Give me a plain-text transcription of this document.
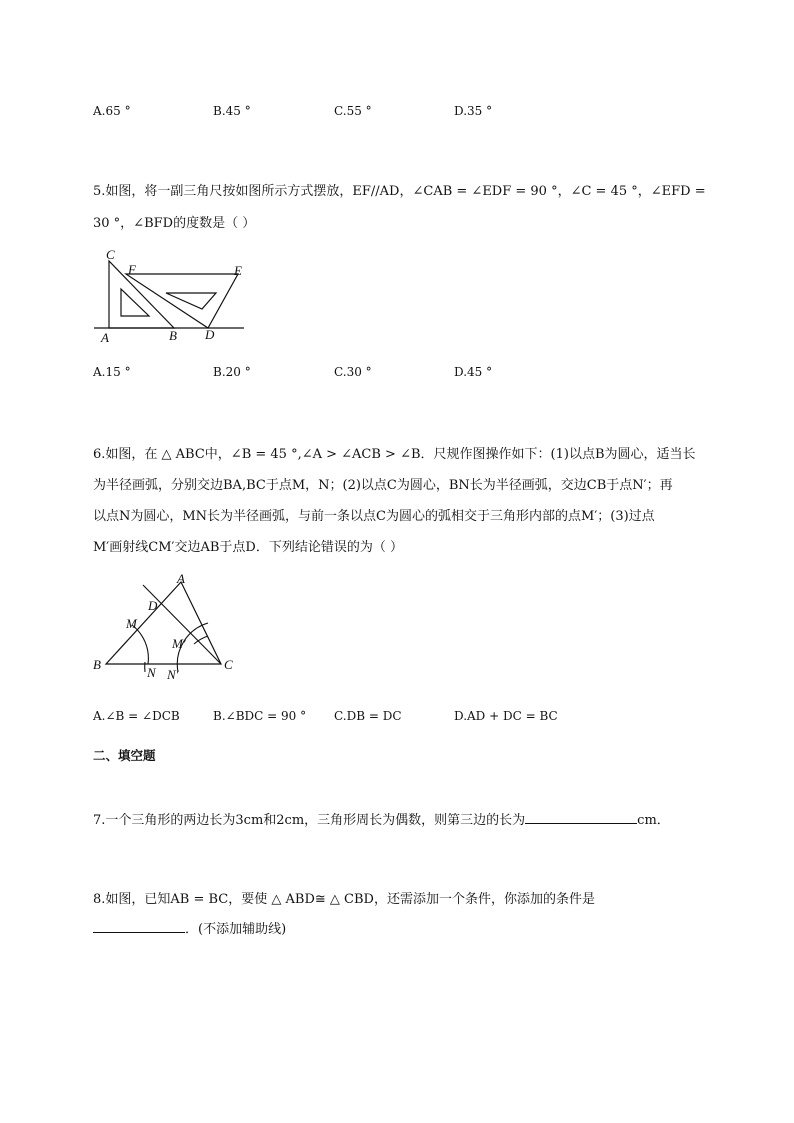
A.65 °	B.45 °	C.55 °	D.35 °
5.如图，将一副三角尺按如图所示方式摆放，EF//AD，∠CAB = ∠EDF = 90 °，∠C = 45 °，∠EFD =
30 °，∠BFD的度数是（ ）
C
F	E
A	B D
A.15 °	B.20 °	C.30 °	D.45 °
6.如图，在 △ ABC中，∠B = 45 °,∠A > ∠ACB > ∠B．尺规作图操作如下：(1)以点B为圆心，适当长
为半径画弧，分别交边BA,BC于点M，N；(2)以点C为圆心，BN长为半径画弧，交边CB于点N′；再
以点N为圆心，MN长为半径画弧，与前一条以点C为圆心的弧相交于三角形内部的点M′；(3)过点
M′画射线CM′交边AB于点D．下列结论错误的为（ ）
A
D
M
M′
B
N N′
C
A.∠B = ∠DCB	B.∠BDC = 90 ° C.DB = DC	D.AD + DC = BC
二、填空题
7.一个三角形的两边长为3cm和2cm，三角形周长为偶数，则第三边的长为	cm．
8.如图，已知AB = BC，要使 △ ABD≅ △ CBD，还需添加一个条件，你添加的条件是
．(不添加辅助线)
